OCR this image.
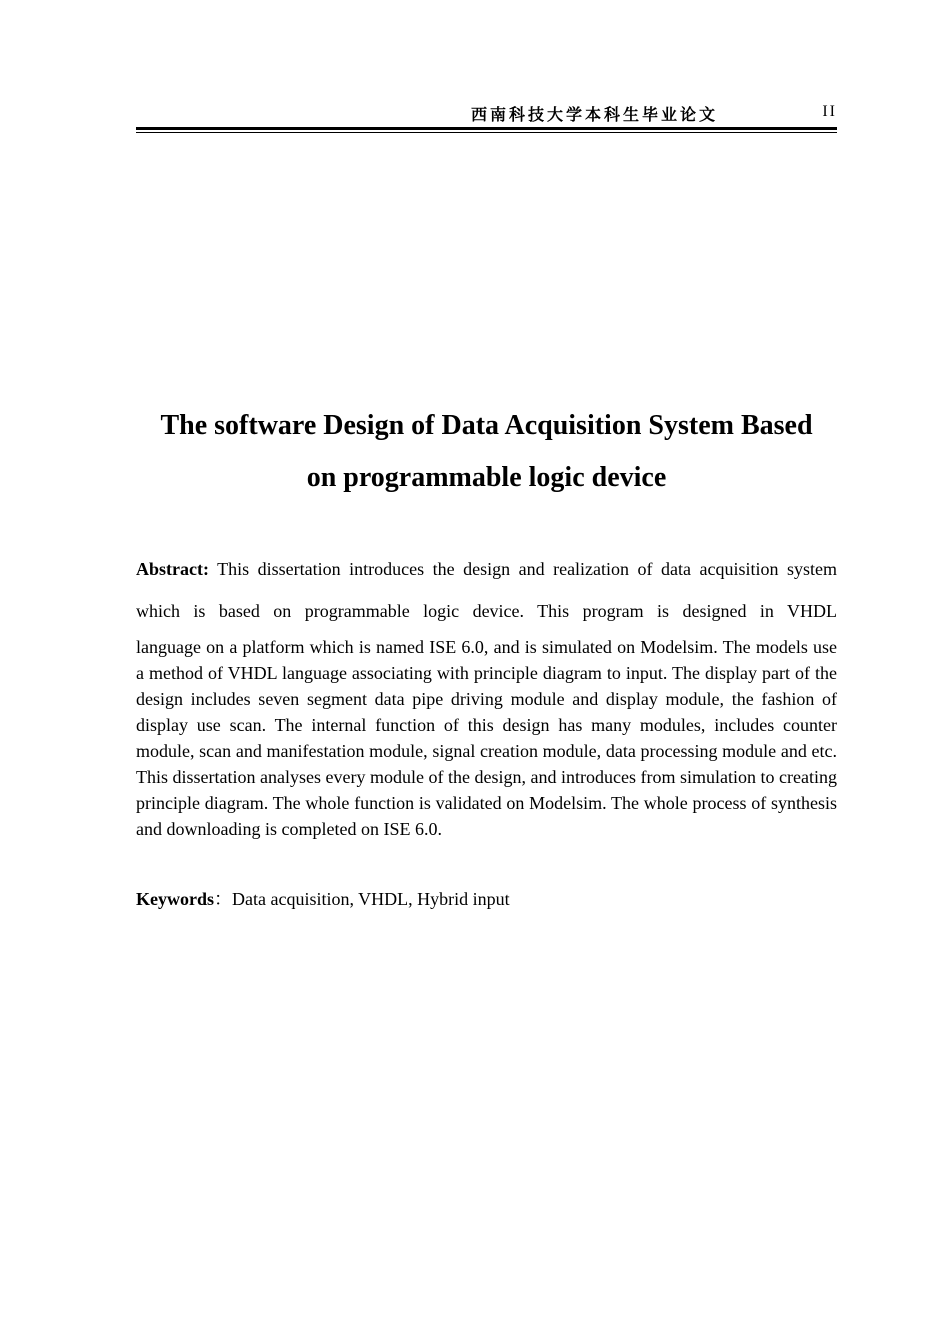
西南科技大学本科生毕业论文	II
The software Design of Data Acquisition System Based
on programmable logic device
Abstract: This dissertation introduces the design and realization of data acquisition system
which is based on programmable logic device. This program is designed in VHDL
language on a platform which is named ISE 6.0, and is simulated on Modelsim. The models use a method of VHDL language associating with principle diagram to input. The display part of the design includes seven segment data pipe driving module and display module, the fashion of display use scan. The internal function of this design has many modules, includes counter module, scan and manifestation module, signal creation module, data processing module and etc. This dissertation analyses every module of the design, and introduces from simulation to creating principle diagram. The whole function is validated on Modelsim. The whole process of synthesis and downloading is completed on ISE 6.0.
Keywords：Data acquisition, VHDL, Hybrid input
